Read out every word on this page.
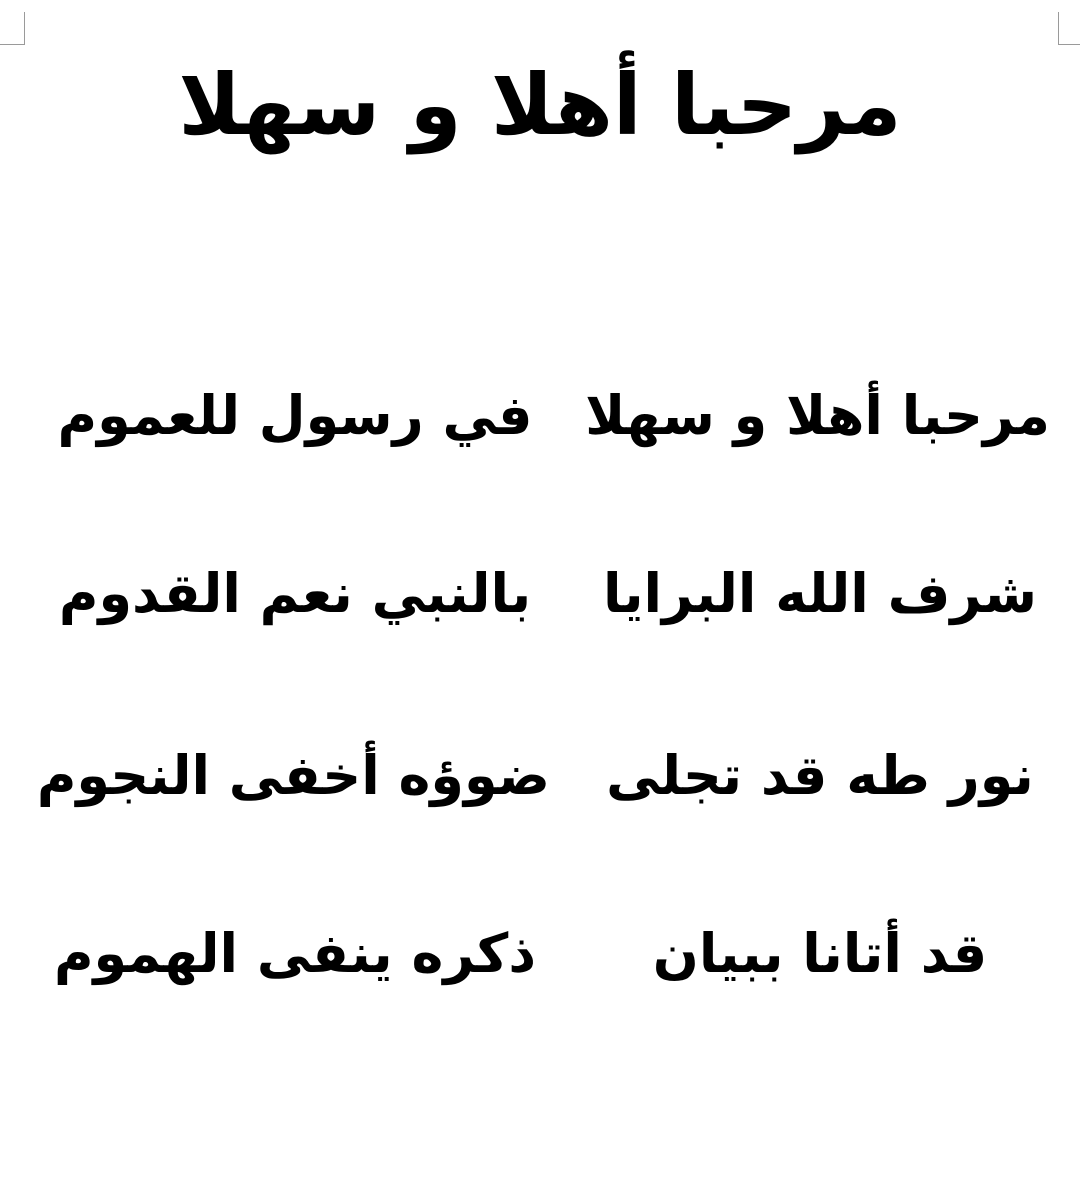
مرحبا أهلا و سهلا
مرحبا أهلا و سهلا
في رسول للعموم
شرف الله البرايا
بالنبي نعم القدوم
نور طه قد تجلى
ضوؤه أخفى النجوم
قد أتانا ببيان
ذكره ينفى الهموم
